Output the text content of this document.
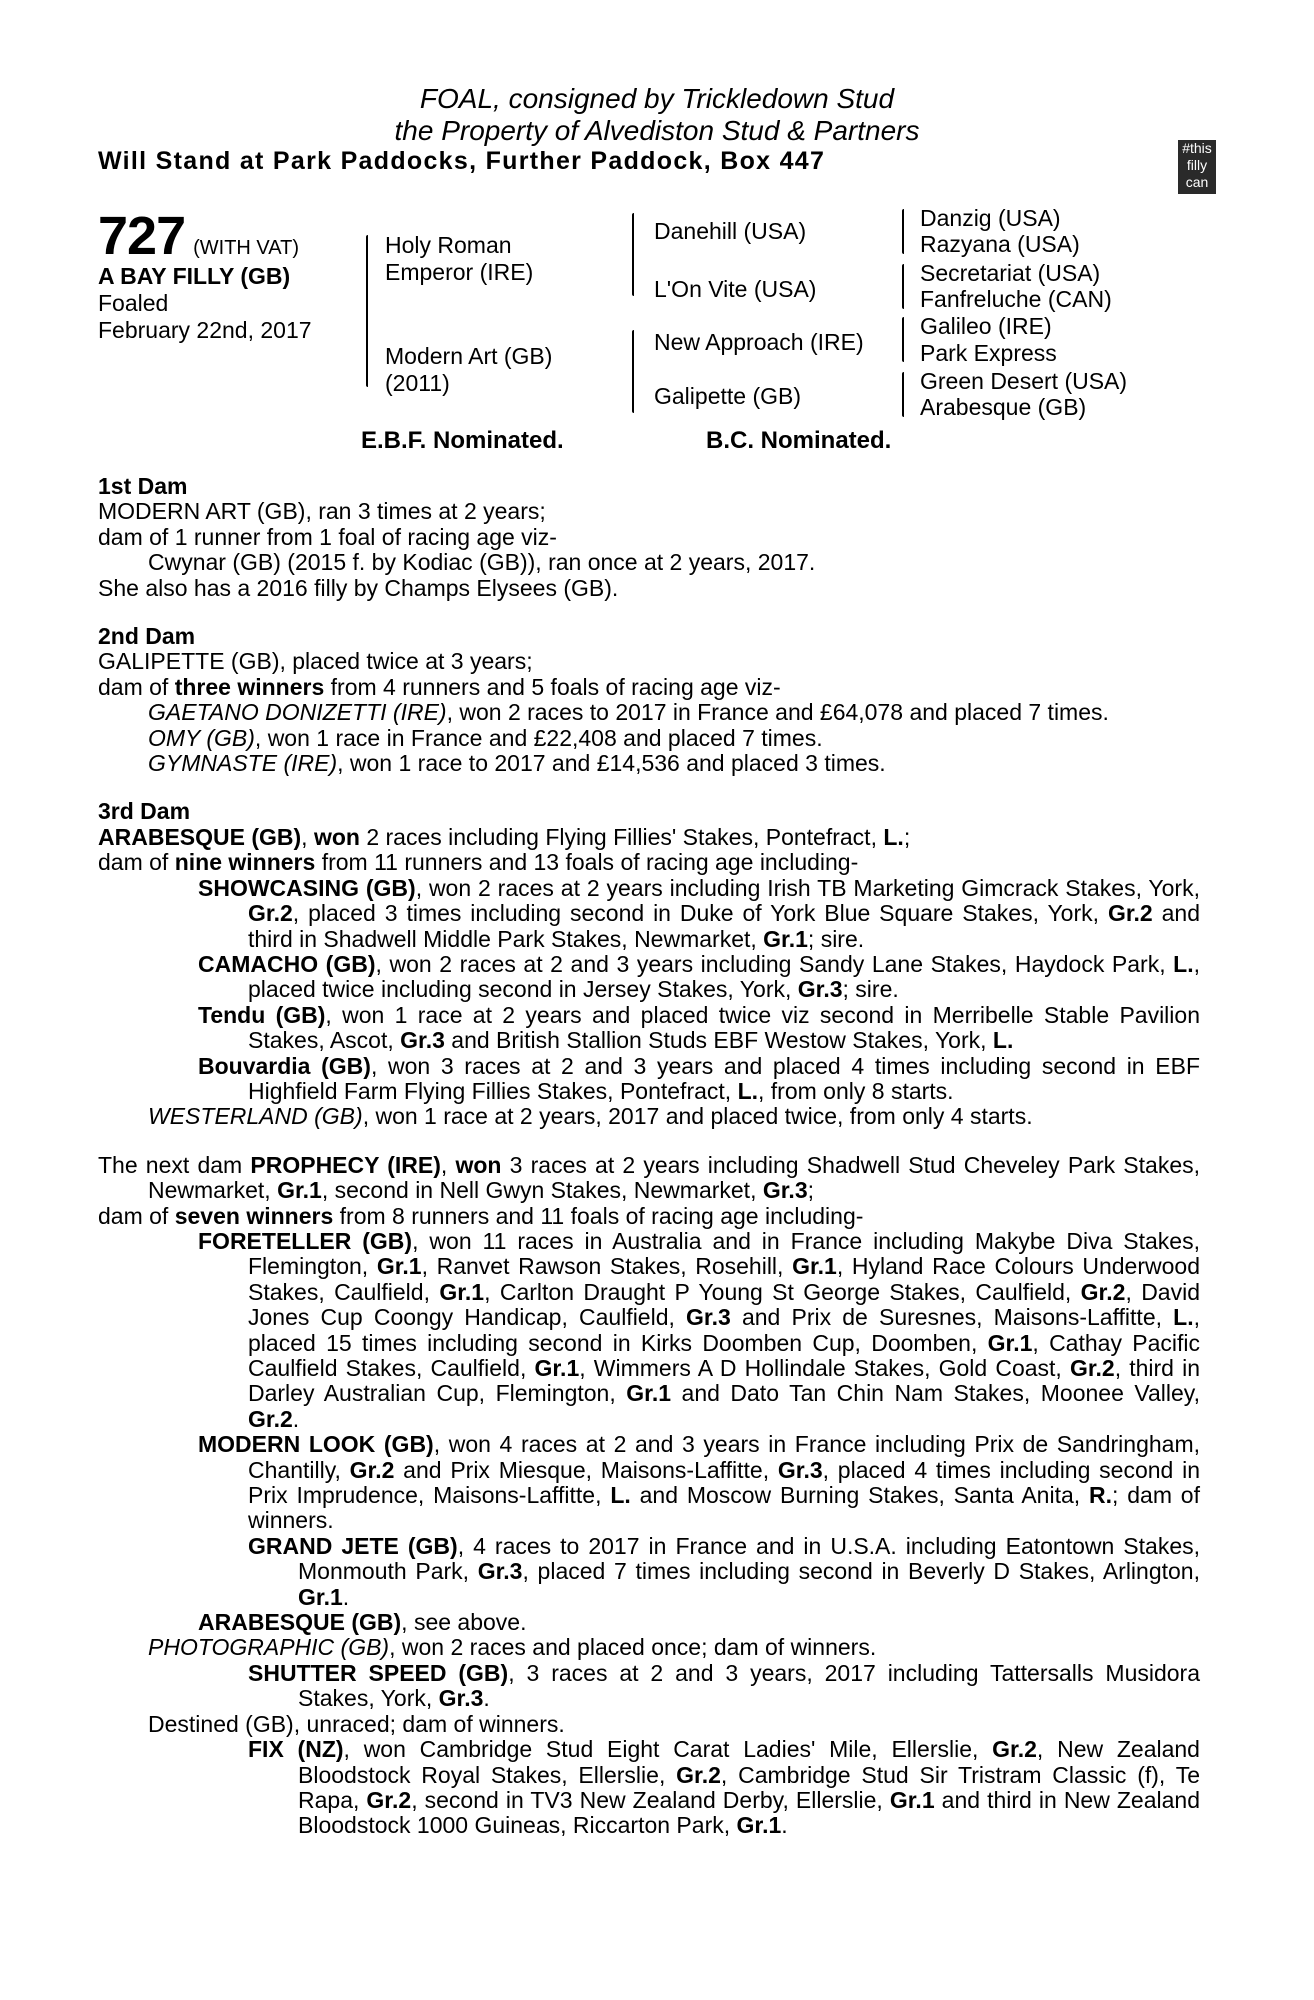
FOAL, consigned by Trickledown Stud
the Property of Alvediston Stud & Partners
Will Stand at Park Paddocks, Further Paddock, Box 447	#this
filly
can
727 (WITH VAT)
A BAY FILLY (GB)
Foaled
February 22nd, 2017
Holy Roman
Emperor (IRE)
Modern Art (GB)
(2011)
Danehill (USA)
L'On Vite (USA)
New Approach (IRE)
Galipette (GB)
Danzig (USA)
Razyana (USA)
Secretariat (USA)
Fanfreluche (CAN)
Galileo (IRE)
Park Express
Green Desert (USA)
Arabesque (GB)
E.B.F. Nominated.	B.C. Nominated.

1st Dam

MODERN ART (GB), ran 3 times at 2 years;

dam of 1 runner from 1 foal of racing age viz-

Cwynar (GB) (2015 f. by Kodiac (GB)), ran once at 2 years, 2017.

She also has a 2016 filly by Champs Elysees (GB).

2nd Dam

GALIPETTE (GB), placed twice at 3 years;

dam of three winners from 4 runners and 5 foals of racing age viz-

GAETANO DONIZETTI (IRE), won 2 races to 2017 in France and £64,078 and placed 7 times.

OMY (GB), won 1 race in France and £22,408 and placed 7 times.

GYMNASTE (IRE), won 1 race to 2017 and £14,536 and placed 3 times.

3rd Dam

ARABESQUE (GB), won 2 races including Flying Fillies' Stakes, Pontefract, L.;

dam of nine winners from 11 runners and 13 foals of racing age including-

SHOWCASING (GB), won 2 races at 2 years including Irish TB Marketing Gimcrack Stakes, York, Gr.2, placed 3 times including second in Duke of York Blue Square Stakes, York, Gr.2 and third in Shadwell Middle Park Stakes, Newmarket, Gr.1; sire.

CAMACHO (GB), won 2 races at 2 and 3 years including Sandy Lane Stakes, Haydock Park, L., placed twice including second in Jersey Stakes, York, Gr.3; sire.

Tendu (GB), won 1 race at 2 years and placed twice viz second in Merribelle Stable Pavilion Stakes, Ascot, Gr.3 and British Stallion Studs EBF Westow Stakes, York, L.

Bouvardia (GB), won 3 races at 2 and 3 years and placed 4 times including second in EBF Highfield Farm Flying Fillies Stakes, Pontefract, L., from only 8 starts.

WESTERLAND (GB), won 1 race at 2 years, 2017 and placed twice, from only 4 starts.

The next dam PROPHECY (IRE), won 3 races at 2 years including Shadwell Stud Cheveley Park Stakes, Newmarket, Gr.1, second in Nell Gwyn Stakes, Newmarket, Gr.3;

dam of seven winners from 8 runners and 11 foals of racing age including-

FORETELLER (GB), won 11 races in Australia and in France including Makybe Diva Stakes, Flemington, Gr.1, Ranvet Rawson Stakes, Rosehill, Gr.1, Hyland Race Colours Underwood Stakes, Caulfield, Gr.1, Carlton Draught P Young St George Stakes, Caulfield, Gr.2, David Jones Cup Coongy Handicap, Caulfield, Gr.3 and Prix de Suresnes, Maisons-Laffitte, L., placed 15 times including second in Kirks Doomben Cup, Doomben, Gr.1, Cathay Pacific Caulfield Stakes, Caulfield, Gr.1, Wimmers A D Hollindale Stakes, Gold Coast, Gr.2, third in Darley Australian Cup, Flemington, Gr.1 and Dato Tan Chin Nam Stakes, Moonee Valley, Gr.2.

MODERN LOOK (GB), won 4 races at 2 and 3 years in France including Prix de Sandringham, Chantilly, Gr.2 and Prix Miesque, Maisons-Laffitte, Gr.3, placed 4 times including second in Prix Imprudence, Maisons-Laffitte, L. and Moscow Burning Stakes, Santa Anita, R.; dam of winners.

GRAND JETE (GB), 4 races to 2017 in France and in U.S.A. including Eatontown Stakes, Monmouth Park, Gr.3, placed 7 times including second in Beverly D Stakes, Arlington, Gr.1.

ARABESQUE (GB), see above.

PHOTOGRAPHIC (GB), won 2 races and placed once; dam of winners.

SHUTTER SPEED (GB), 3 races at 2 and 3 years, 2017 including Tattersalls Musidora Stakes, York, Gr.3.

Destined (GB), unraced; dam of winners.

FIX (NZ), won Cambridge Stud Eight Carat Ladies' Mile, Ellerslie, Gr.2, New Zealand Bloodstock Royal Stakes, Ellerslie, Gr.2, Cambridge Stud Sir Tristram Classic (f), Te Rapa, Gr.2, second in TV3 New Zealand Derby, Ellerslie, Gr.1 and third in New Zealand Bloodstock 1000 Guineas, Riccarton Park, Gr.1.
